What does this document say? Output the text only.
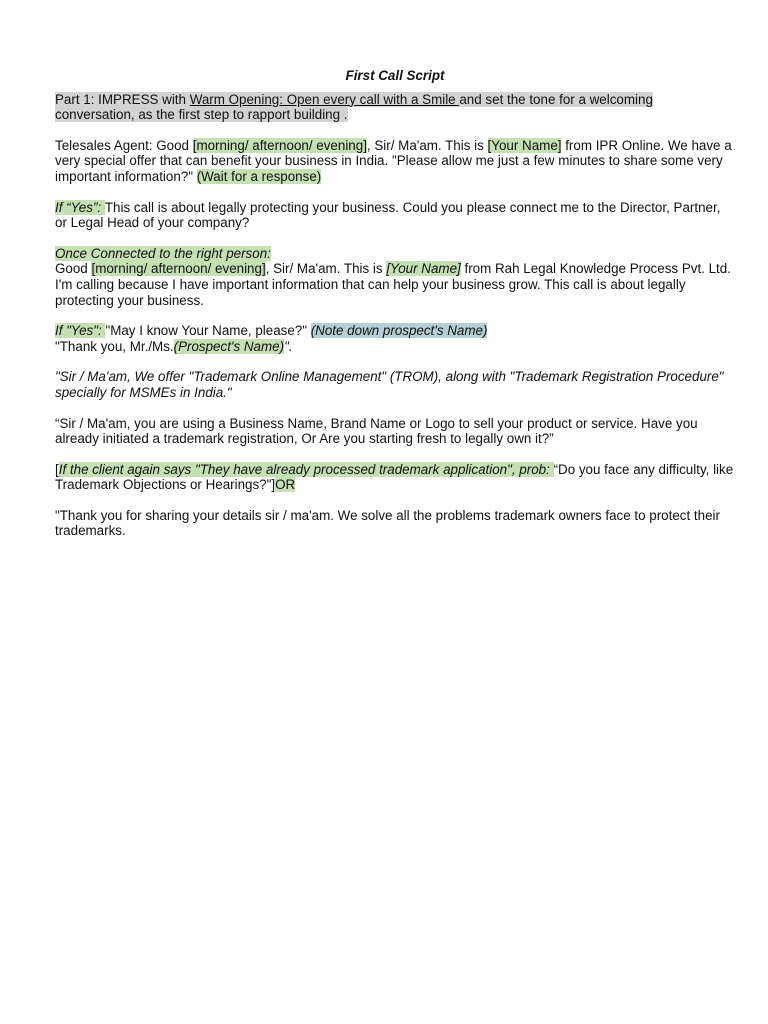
First Call Script

Part 1: IMPRESS with Warm Opening: Open every call with a Smile and set the tone for a welcoming conversation, as the first step to rapport building .

Telesales Agent: Good [morning/ afternoon/ evening], Sir/ Ma'am. This is [Your Name] from IPR Online. We have a very special offer that can benefit your business in India. "Please allow me just a few minutes to share some very important information?" (Wait for a response)

If “Yes”: This call is about legally protecting your business. Could you please connect me to the Director, Partner, or Legal Head of your company?

Once Connected to the right person:
Good [morning/ afternoon/ evening], Sir/ Ma'am. This is [Your Name] from Rah Legal Knowledge Process Pvt. Ltd. I'm calling because I have important information that can help your business grow. This call is about legally protecting your business.

If "Yes": "May I know Your Name, please?" (Note down prospect's Name)
"Thank you, Mr./Ms.(Prospect's Name)".

"Sir / Ma'am, We offer "Trademark Online Management" (TROM), along with "Trademark Registration Procedure" specially for MSMEs in India."

“Sir / Ma'am, you are using a Business Name, Brand Name or Logo to sell your product or service. Have you already initiated a trademark registration, Or Are you starting fresh to legally own it?”

[If the client again says "They have already processed trademark application", prob: “Do you face any difficulty, like Trademark Objections or Hearings?"]OR

"Thank you for sharing your details sir / ma'am. We solve all the problems trademark owners face to protect their trademarks.
